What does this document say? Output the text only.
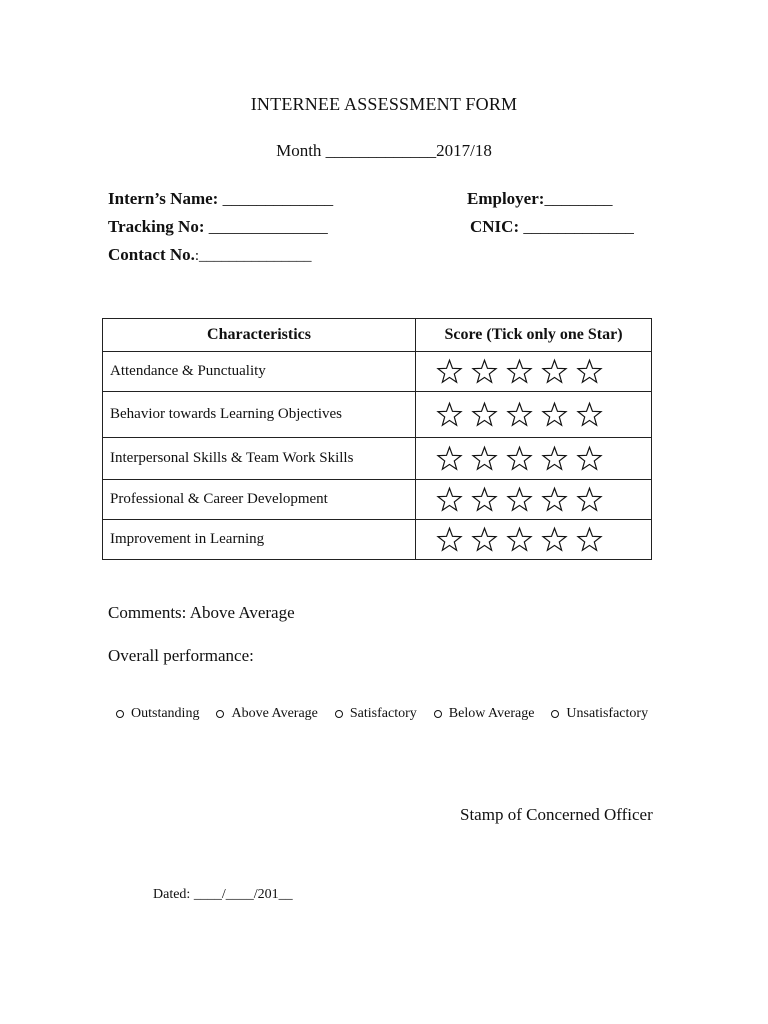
INTERNEE ASSESSMENT FORM
Month _____________2017/18
Intern’s Name: _____________
Tracking No: ______________
Contact No.:_______________
Employer:________
CNIC: _____________
Characteristics	Score (Tick only one Star)
Attendance & Punctuality	

Behavior towards Learning Objectives	

Interpersonal Skills & Team Work Skills	

Professional & Career Development	

Improvement in Learning	
Comments: Above Average
Overall performance:
Outstanding Above Average Satisfactory Below Average Unsatisfactory
Stamp of Concerned Officer
Dated: ____/____/201__
